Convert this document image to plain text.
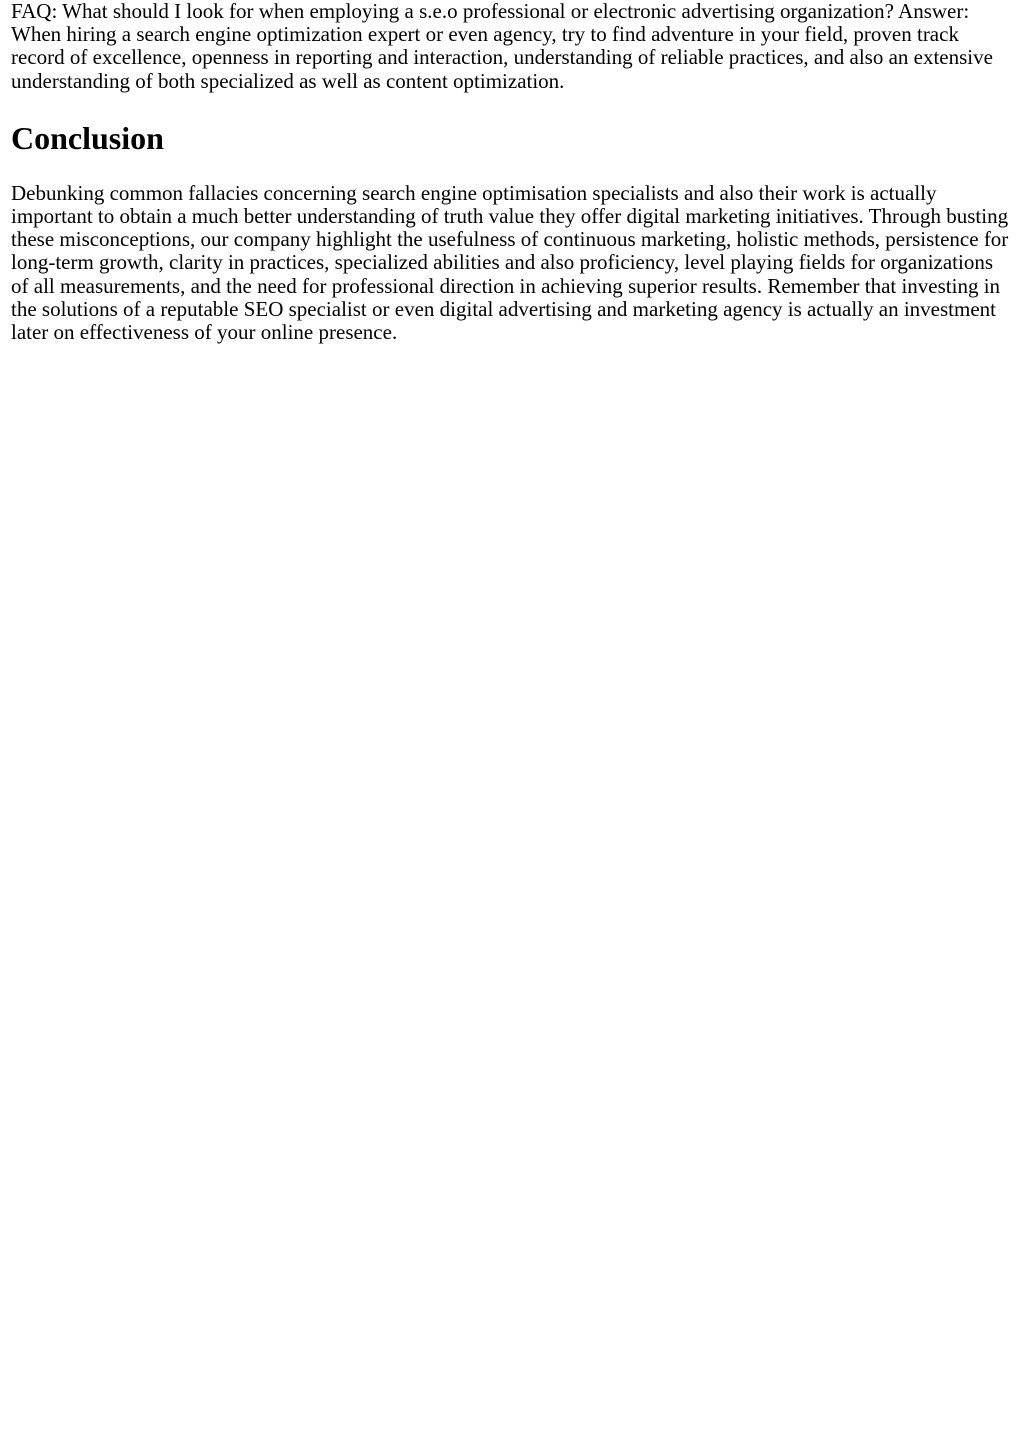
FAQ: What should I look for when employing a s.e.o professional or electronic advertising organization? Answer: When hiring a search engine optimization expert or even agency, try to find adventure in your field, proven track record of excellence, openness in reporting and interaction, understanding of reliable practices, and also an extensive understanding of both specialized as well as content optimization.

Conclusion

Debunking common fallacies concerning search engine optimisation specialists and also their work is actually important to obtain a much better understanding of truth value they offer digital marketing initiatives. Through busting these misconceptions, our company highlight the usefulness of continuous marketing, holistic methods, persistence for long-term growth, clarity in practices, specialized abilities and also proficiency, level playing fields for organizations of all measurements, and the need for professional direction in achieving superior results. Remember that investing in the solutions of a reputable SEO specialist or even digital advertising and marketing agency is actually an investment later on effectiveness of your online presence.
